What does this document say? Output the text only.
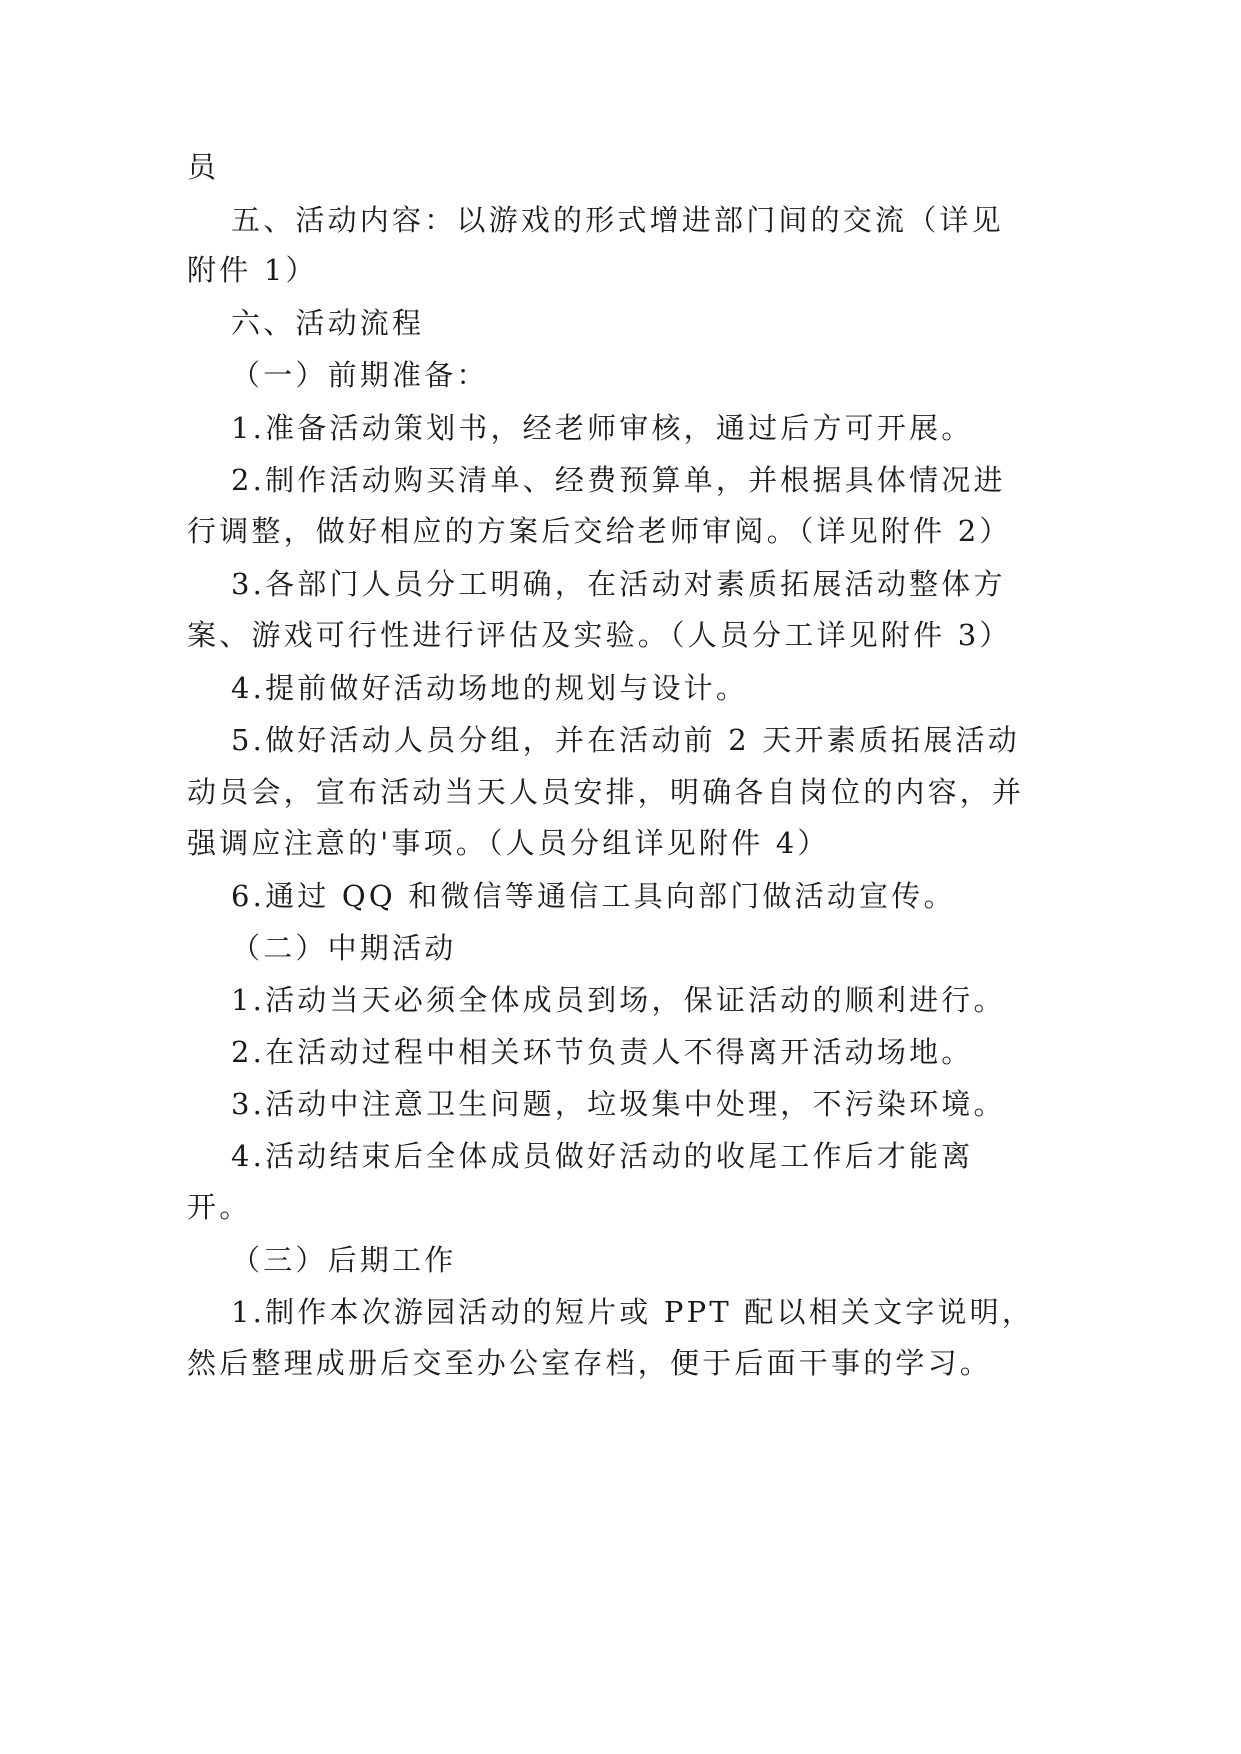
员
五、活动内容：以游戏的形式增进部门间的交流（详见
附件 1）
六、活动流程
（一）前期准备：
1.准备活动策划书，经老师审核，通过后方可开展。
2.制作活动购买清单、经费预算单，并根据具体情况进
行调整，做好相应的方案后交给老师审阅。（详见附件 2）
3.各部门人员分工明确，在活动对素质拓展活动整体方
案、游戏可行性进行评估及实验。（人员分工详见附件 3）
4.提前做好活动场地的规划与设计。
5.做好活动人员分组，并在活动前 2 天开素质拓展活动
动员会，宣布活动当天人员安排，明确各自岗位的内容，并
强调应注意的'事项。（人员分组详见附件 4）
6.通过 QQ 和微信等通信工具向部门做活动宣传。
（二）中期活动
1.活动当天必须全体成员到场，保证活动的顺利进行。
2.在活动过程中相关环节负责人不得离开活动场地。
3.活动中注意卫生问题，垃圾集中处理，不污染环境。
4.活动结束后全体成员做好活动的收尾工作后才能离
开。
（三）后期工作
1.制作本次游园活动的短片或 PPT 配以相关文字说明，
然后整理成册后交至办公室存档，便于后面干事的学习。
